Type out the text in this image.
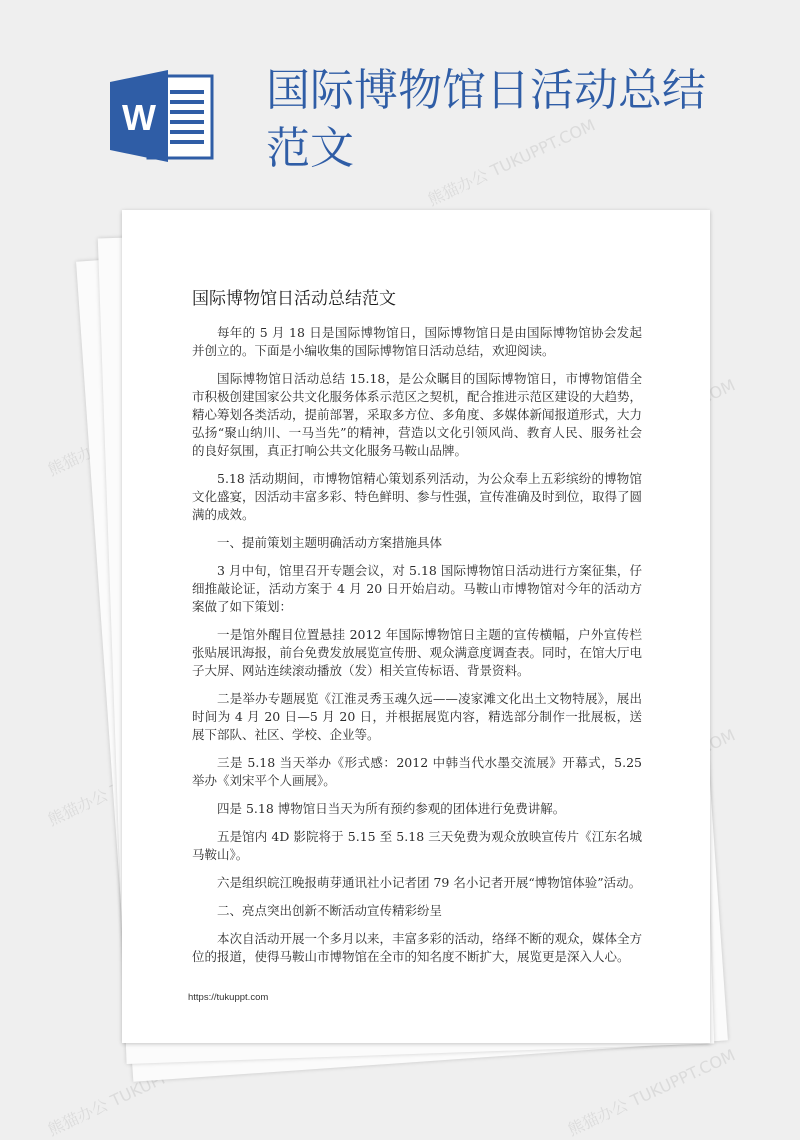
熊猫办公 TUKUPPT.COM
熊猫办公
熊猫办公
熊猫办公 TUKUPPT.COM	熊猫办公 TUKUPPT.COM
W
国际博物馆日活动总结范文
国际博物馆日活动总结范文

每年的 5 月 18 日是国际博物馆日，国际博物馆日是由国际博物馆协会发起并创立的。下面是小编收集的国际博物馆日活动总结，欢迎阅读。

国际博物馆日活动总结 15.18，是公众瞩目的国际博物馆日，市博物馆借全市积极创建国家公共文化服务体系示范区之契机，配合推进示范区建设的大趋势，精心筹划各类活动，提前部署，采取多方位、多角度、多媒体新闻报道形式，大力弘扬“聚山纳川、一马当先”的精神，营造以文化引领风尚、教育人民、服务社会的良好氛围，真正打响公共文化服务马鞍山品牌。

5.18 活动期间，市博物馆精心策划系列活动，为公众奉上五彩缤纷的博物馆文化盛宴，因活动丰富多彩、特色鲜明、参与性强，宣传准确及时到位，取得了圆满的成效。

一、提前策划主题明确活动方案措施具体

3 月中旬，馆里召开专题会议，对 5.18 国际博物馆日活动进行方案征集，仔细推敲论证，活动方案于 4 月 20 日开始启动。马鞍山市博物馆对今年的活动方案做了如下策划：

一是馆外醒目位置悬挂 2012 年国际博物馆日主题的宣传横幅，户外宣传栏张贴展讯海报，前台免费发放展览宣传册、观众满意度调查表。同时，在馆大厅电子大屏、网站连续滚动播放（发）相关宣传标语、背景资料。

二是举办专题展览《江淮灵秀玉魂久远——凌家滩文化出土文物特展》，展出时间为 4 月 20 日—5 月 20 日，并根据展览内容，精选部分制作一批展板，送展下部队、社区、学校、企业等。

三是 5.18 当天举办《形式感：2012 中韩当代水墨交流展》开幕式，5.25 举办《刘宋平个人画展》。

四是 5.18 博物馆日当天为所有预约参观的团体进行免费讲解。

五是馆内 4D 影院将于 5.15 至 5.18 三天免费为观众放映宣传片《江东名城马鞍山》。

六是组织皖江晚报萌芽通讯社小记者团 79 名小记者开展“博物馆体验”活动。

二、亮点突出创新不断活动宣传精彩纷呈

本次自活动开展一个多月以来，丰富多彩的活动，络绎不断的观众，媒体全方位的报道，使得马鞍山市博物馆在全市的知名度不断扩大，展览更是深入人心。

https://tukuppt.com
